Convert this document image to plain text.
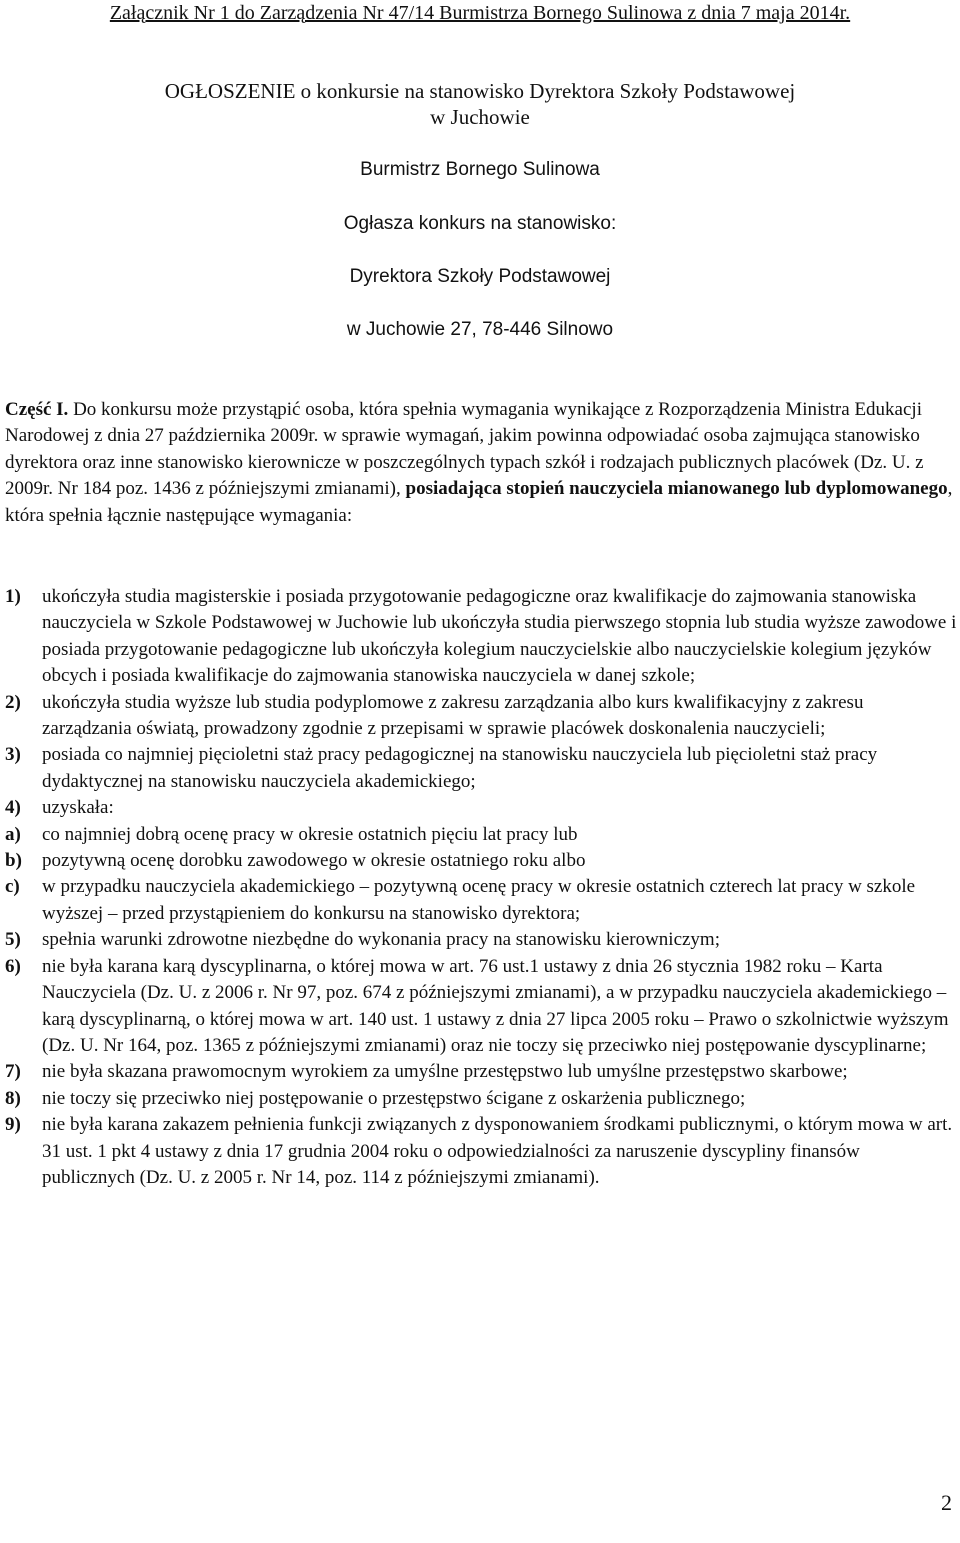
Załącznik Nr 1 do Zarządzenia Nr 47/14 Burmistrza Bornego Sulinowa z dnia 7 maja 2014r.
OGŁOSZENIE o konkursie na stanowisko Dyrektora Szkoły Podstawowej
w Juchowie
Burmistrz Bornego Sulinowa
Ogłasza konkurs na stanowisko:
Dyrektora Szkoły Podstawowej
w Juchowie 27, 78-446 Silnowo
Część I. Do konkursu może przystąpić osoba, która spełnia wymagania wynikające z Rozporządzenia Ministra Edukacji Narodowej z dnia 27 października 2009r. w sprawie wymagań, jakim powinna odpowiadać osoba zajmująca stanowisko dyrektora oraz inne stanowisko kierownicze w poszczególnych typach szkół i rodzajach publicznych placówek (Dz. U. z 2009r. Nr 184 poz. 1436 z późniejszymi zmianami), posiadająca stopień nauczyciela mianowanego lub dyplomowanego, która spełnia łącznie następujące wymagania:
1)	ukończyła studia magisterskie i posiada przygotowanie pedagogiczne oraz kwalifikacje do zajmowania stanowiska nauczyciela w Szkole Podstawowej w Juchowie lub ukończyła studia pierwszego stopnia lub studia wyższe zawodowe i posiada przygotowanie pedagogiczne lub ukończyła kolegium nauczycielskie albo nauczycielskie kolegium języków obcych i posiada kwalifikacje do zajmowania stanowiska nauczyciela w danej szkole;
2)	ukończyła studia wyższe lub studia podyplomowe z zakresu zarządzania albo kurs kwalifikacyjny z zakresu zarządzania oświatą, prowadzony zgodnie z przepisami w sprawie placówek doskonalenia nauczycieli;
3)	posiada co najmniej pięcioletni staż pracy pedagogicznej na stanowisku nauczyciela lub pięcioletni staż pracy dydaktycznej na stanowisku nauczyciela akademickiego;
4)	uzyskała:
a)	co najmniej dobrą ocenę pracy w okresie ostatnich pięciu lat pracy lub
b)	pozytywną ocenę dorobku zawodowego w okresie ostatniego roku albo
c)	w przypadku nauczyciela akademickiego – pozytywną ocenę pracy w okresie ostatnich czterech lat pracy w szkole wyższej – przed przystąpieniem do konkursu na stanowisko dyrektora;
5)	spełnia warunki zdrowotne niezbędne do wykonania pracy na stanowisku kierowniczym;
6)	nie była karana karą dyscyplinarna, o której mowa w art. 76 ust.1 ustawy z dnia 26 stycznia 1982 roku – Karta Nauczyciela (Dz. U. z 2006 r. Nr 97, poz. 674 z późniejszymi zmianami), a w przypadku nauczyciela akademickiego – karą dyscyplinarną, o której mowa w art. 140 ust. 1 ustawy z dnia 27 lipca 2005 roku – Prawo o szkolnictwie wyższym (Dz. U. Nr 164, poz. 1365 z późniejszymi zmianami) oraz nie toczy się przeciwko niej postępowanie dyscyplinarne;
7)	nie była skazana prawomocnym wyrokiem za umyślne przestępstwo lub umyślne przestępstwo skarbowe;
8)	nie toczy się przeciwko niej postępowanie o przestępstwo ścigane z oskarżenia publicznego;
9)	nie była karana zakazem pełnienia funkcji związanych z dysponowaniem środkami publicznymi, o którym mowa w art. 31 ust. 1 pkt 4 ustawy z dnia 17 grudnia 2004 roku o odpowiedzialności za naruszenie dyscypliny finansów publicznych (Dz. U. z 2005 r. Nr 14, poz. 114 z późniejszymi zmianami).
2
